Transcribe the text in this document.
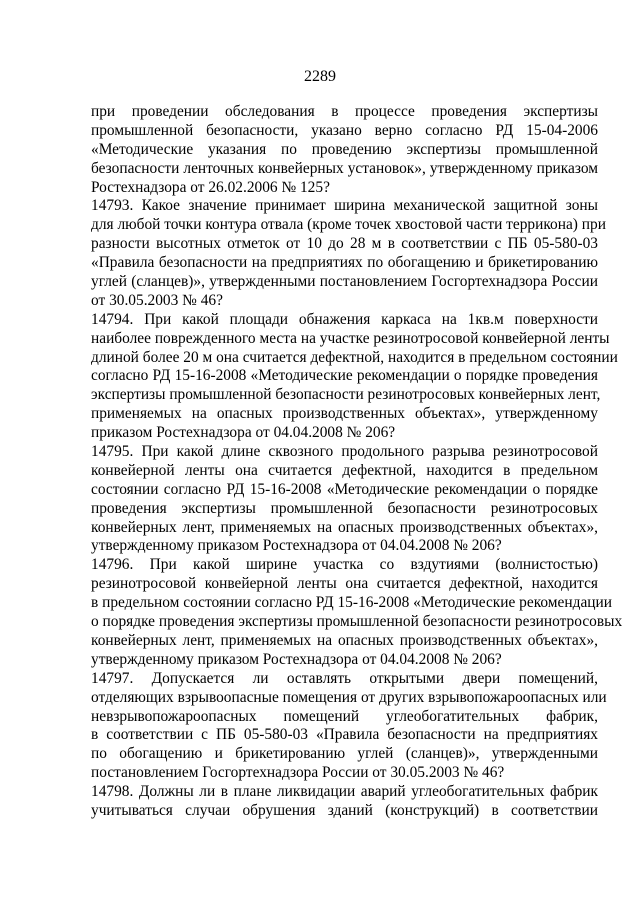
2289
при проведении обследования в процессе проведения экспертизы
промышленной безопасности, указано верно согласно РД 15-04-2006
«Методические указания по проведению экспертизы промышленной
безопасности ленточных конвейерных установок», утвержденному приказом
Ростехнадзора от 26.02.2006 № 125?
14793. Какое значение принимает ширина механической защитной зоны
для любой точки контура отвала (кроме точек хвостовой части терриконa) при
разности высотных отметок от 10 до 28 м в соответствии с ПБ 05-580-03
«Правила безопасности на предприятиях по обогащению и брикетированию
углей (сланцев)», утвержденными постановлением Госгортехнадзора России
от 30.05.2003 № 46?
14794. При какой площади обнажения каркаса на 1кв.м поверхности
наиболее поврежденного места на участке резинотросовой конвейерной ленты
длиной более 20 м она считается дефектной, находится в предельном состоянии
согласно РД 15-16-2008 «Методические рекомендации о порядке проведения
экспертизы промышленной безопасности резинотросовых конвейерных лент,
применяемых на опасных производственных объектах», утвержденному
приказом Ростехнадзора от 04.04.2008 № 206?
14795. При какой длине сквозного продольного разрыва резинотросовой
конвейерной ленты она считается дефектной, находится в предельном
состоянии согласно РД 15-16-2008 «Методические рекомендации о порядке
проведения экспертизы промышленной безопасности резинотросовых
конвейерных лент, применяемых на опасных производственных объектах»,
утвержденному приказом Ростехнадзора от 04.04.2008 № 206?
14796. При какой ширине участка со вздутиями (волнистостью)
резинотросовой конвейерной ленты она считается дефектной, находится
в предельном состоянии согласно РД 15-16-2008 «Методические рекомендации
о порядке проведения экспертизы промышленной безопасности резинотросовых
конвейерных лент, применяемых на опасных производственных объектах»,
утвержденному приказом Ростехнадзора от 04.04.2008 № 206?
14797. Допускается ли оставлять открытыми двери помещений,
отделяющих взрывоопасные помещения от других взрывопожароопасных или
невзрывопожароопасных помещений углеобогатительных фабрик,
в соответствии с ПБ 05-580-03 «Правила безопасности на предприятиях
по обогащению и брикетированию углей (сланцев)», утвержденными
постановлением Госгортехнадзора России от 30.05.2003 № 46?
14798. Должны ли в плане ликвидации аварий углеобогатительных фабрик
учитываться случаи обрушения зданий (конструкций) в соответствии
